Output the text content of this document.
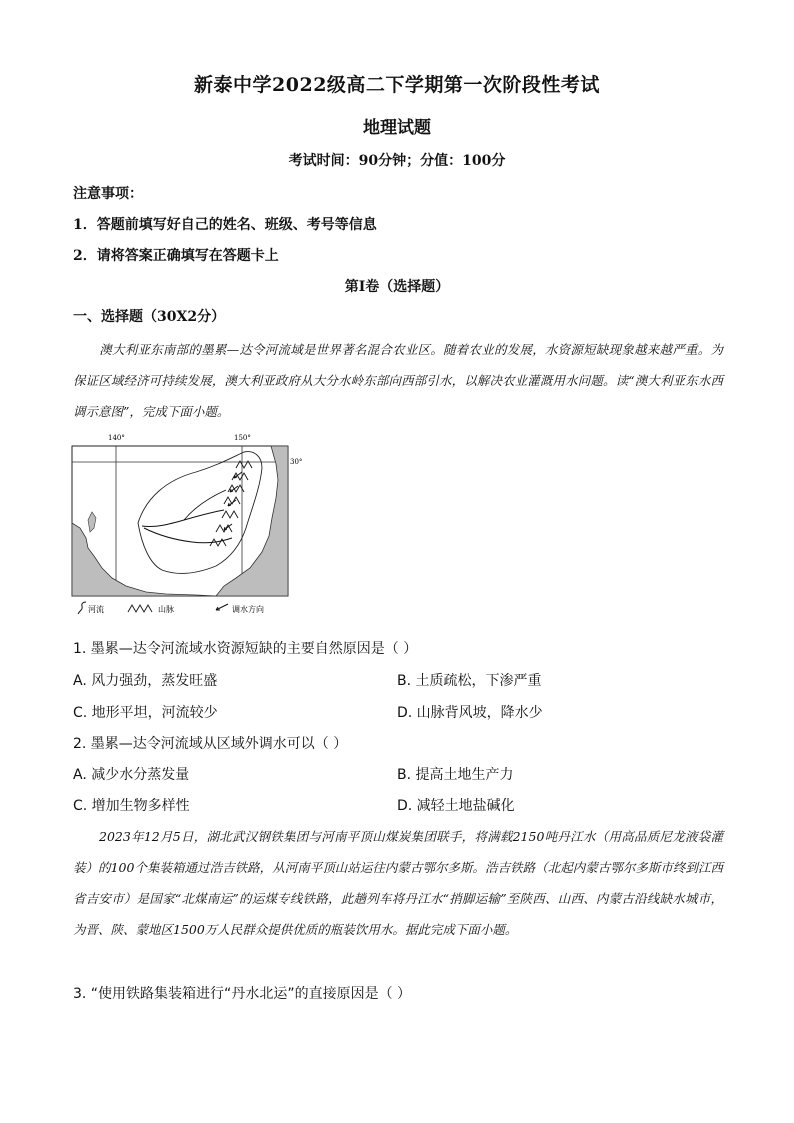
新泰中学2022级高二下学期第一次阶段性考试
地理试题
考试时间：90分钟；分值：100分
注意事项：
1．答题前填写好自己的姓名、班级、考号等信息
2．请将答案正确填写在答题卡上
第I卷（选择题）
一、选择题（30X2分）
澳大利亚东南部的墨累—达令河流域是世界著名混合农业区。随着农业的发展，水资源短缺现象越来越严重。为保证区域经济可持续发展，澳大利亚政府从大分水岭东部向西部引水，以解决农业灌溉用水问题。读“澳大利亚东水西调示意图”，完成下面小题。
140°	150°
30°
河流	山脉	调水方向
1. 墨累—达令河流域水资源短缺的主要自然原因是（ ）
A. 风力强劲，蒸发旺盛	B. 土质疏松，下渗严重
C. 地形平坦，河流较少	D. 山脉背风坡，降水少
2. 墨累—达令河流域从区域外调水可以（ ）
A. 减少水分蒸发量	B. 提高土地生产力
C. 增加生物多样性	D. 减轻土地盐碱化
2023年12月5日，湖北武汉钢铁集团与河南平顶山煤炭集团联手，将满载2150吨丹江水（用高品质尼龙液袋灌装）的100个集装箱通过浩吉铁路，从河南平顶山站运往内蒙古鄂尔多斯。浩吉铁路（北起内蒙古鄂尔多斯市终到江西省吉安市）是国家“北煤南运”的运煤专线铁路，此趟列车将丹江水“捎脚运输”至陕西、山西、内蒙古沿线缺水城市，为晋、陕、蒙地区1500万人民群众提供优质的瓶装饮用水。据此完成下面小题。
3. “使用铁路集装箱进行“丹水北运”的直接原因是（ ）
